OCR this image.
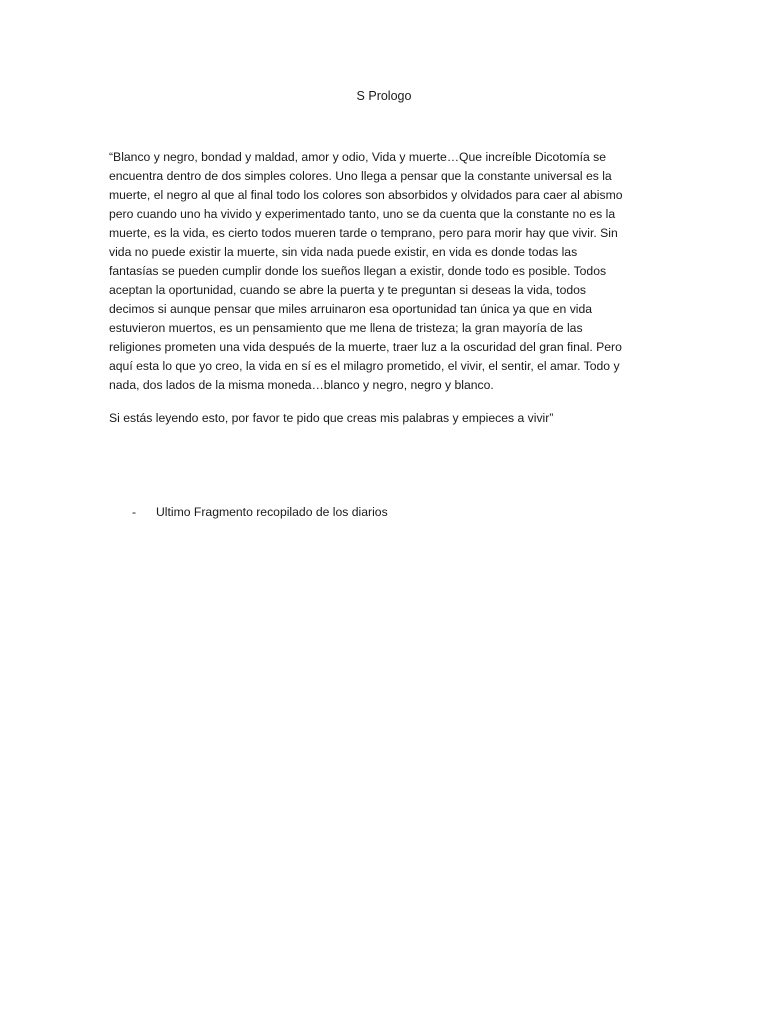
S Prologo
“Blanco y negro, bondad y maldad, amor y odio, Vida y muerte…Que increíble Dicotomía se
encuentra dentro de dos simples colores. Uno llega a pensar que la constante universal es la
muerte, el negro al que al final todo los colores son absorbidos y olvidados para caer al abismo
pero cuando uno ha vivido y experimentado tanto, uno se da cuenta que la constante no es la
muerte, es la vida, es cierto todos mueren tarde o temprano, pero para morir hay que vivir. Sin
vida no puede existir la muerte, sin vida nada puede existir, en vida es donde todas las
fantasías se pueden cumplir donde los sueños llegan a existir, donde todo es posible. Todos
aceptan la oportunidad, cuando se abre la puerta y te preguntan si deseas la vida, todos
decimos si aunque pensar que miles arruinaron esa oportunidad tan única ya que en vida
estuvieron muertos, es un pensamiento que me llena de tristeza; la gran mayoría de las
religiones prometen una vida después de la muerte, traer luz a la oscuridad del gran final. Pero
aquí esta lo que yo creo, la vida en sí es el milagro prometido, el vivir, el sentir, el amar. Todo y
nada, dos lados de la misma moneda…blanco y negro, negro y blanco.
Si estás leyendo esto, por favor te pido que creas mis palabras y empieces a vivir”
- Ultimo Fragmento recopilado de los diarios
